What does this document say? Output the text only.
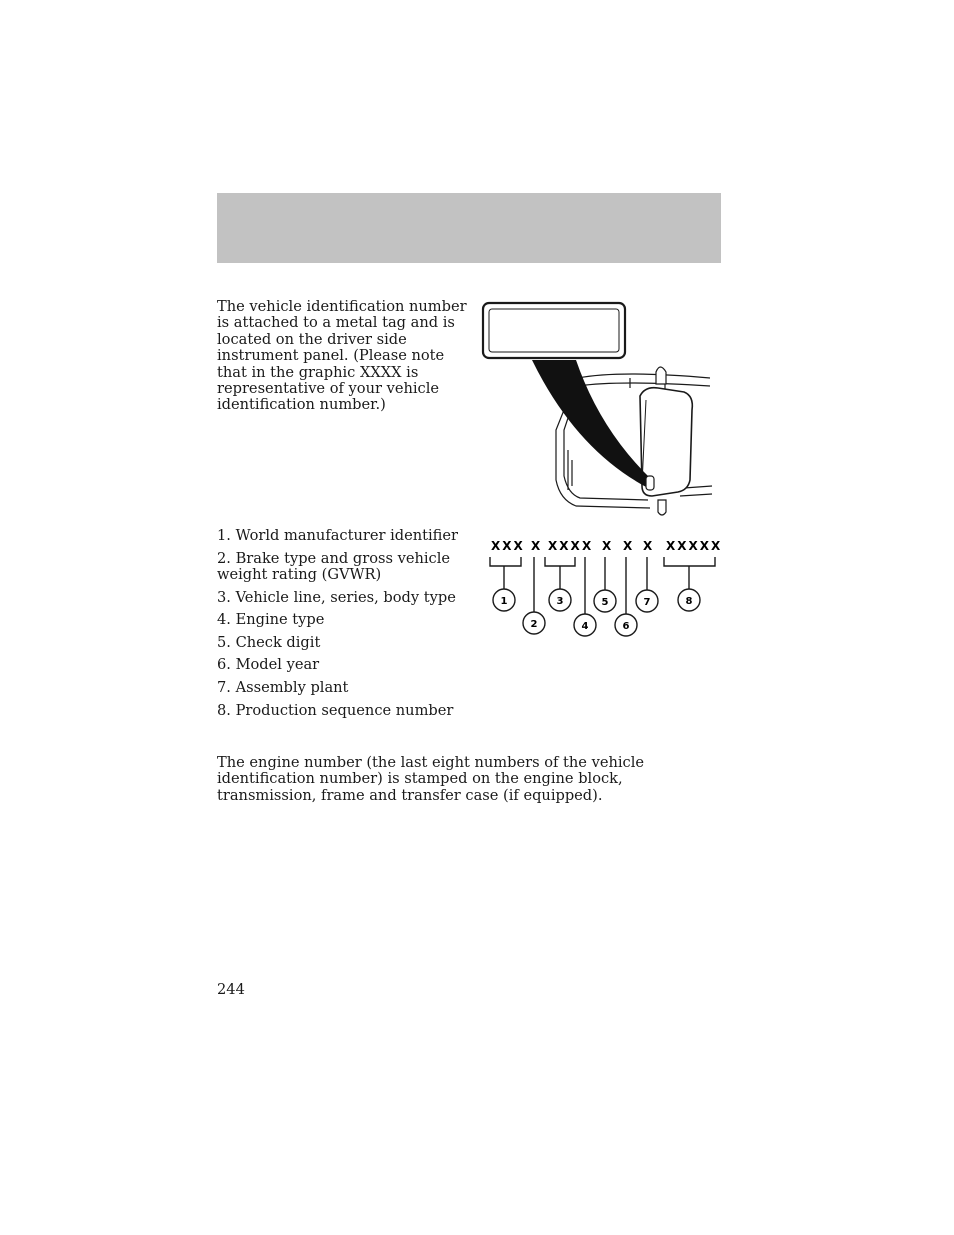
The vehicle identification number is attached to a metal tag and is located on the driver side instrument panel. (Please note that in the graphic XXXX is representative of your vehicle identification number.)

1. World manufacturer identifier
2. Brake type and gross vehicle weight rating (GVWR)
3. Vehicle line, series, body type
4. Engine type
5. Check digit
6. Model year
7. Assembly plant
8. Production sequence number
XXX X XXX X X X X XXXXX
1
2
3
4
5
6
7	8

The engine number (the last eight numbers of the vehicle identification number) is stamped on the engine block, transmission, frame and transfer case (if equipped).

244
